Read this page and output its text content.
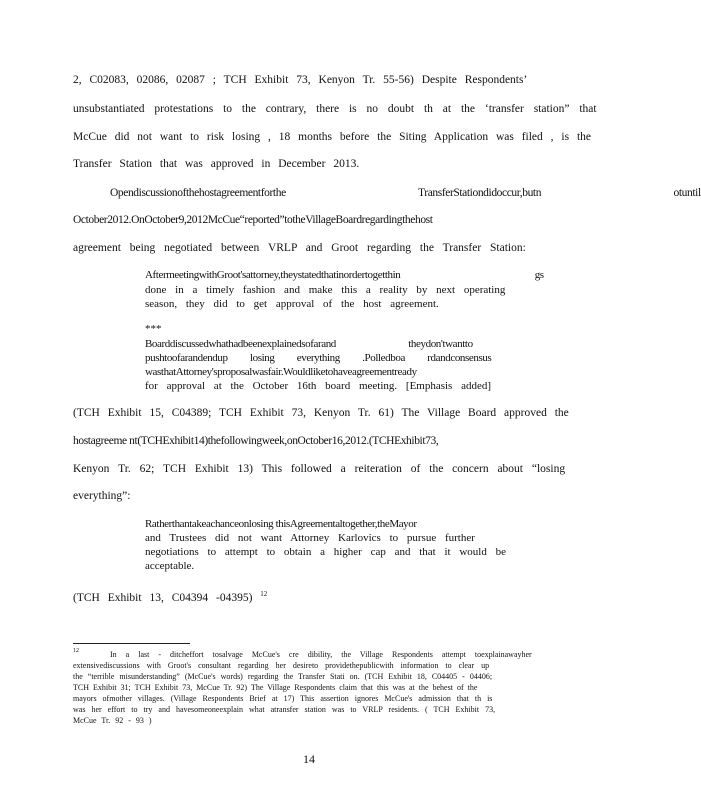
2, C02083, 02086, 02087 ; TCH Exhibit 73, Kenyon Tr. 55-56) Despite Respondents’
unsubstantiated protestations to the contrary, there is no doubt th at the ‘transfer station” that
McCue did not want to risk losing , 18 months before the Siting Application was filed , is the
Transfer Station that was approved in December 2013.
Opendiscussionofthehostagreementforthe TransferStationdidoccur,butn otuntil
October2012.OnOctober9,2012McCue“reported”totheVillageBoardregardingthehost
agreement being negotiated between VRLP and Groot regarding the Transfer Station:
AftermeetingwithGroot'sattorney,theystatedthatinordertogetthin gs
done in a timely fashion and make this a reality by next operating
season, they did to get approval of the host agreement.
***
Boarddiscussedwhathadbeenexplainedsofarand theydon'twantto
pushtoofarandendup losing everything .Polledboa rdandconsensus
wasthatAttorney'sproposalwasfair.Wouldliketohaveagreementready
for approval at the October 16th board meeting. [Emphasis added]
(TCH Exhibit 15, C04389; TCH Exhibit 73, Kenyon Tr. 61) The Village Board approved the
hostagreeme nt(TCHExhibit14)thefollowingweek,onOctober16,2012.(TCHExhibit73,
Kenyon Tr. 62; TCH Exhibit 13) This followed a reiteration of the concern about “losing
everything”:
Ratherthantakeachanceonlosing thisAgreementaltogether,theMayor
and Trustees did not want Attorney Karlovics to pursue further
negotiations to attempt to obtain a higher cap and that it would be
acceptable.
(TCH Exhibit 13, C04394 -04395) $^{12}$
12	In a last - ditcheffort tosalvage McCue's cre dibility, the Village Respondents attempt toexplainawayher
extensivediscussions with Groot's consultant regarding her desireto providethepublicwith information to clear up
the “terrible misunderstanding” (McCue's words) regarding the Transfer Stati on. (TCH Exhibit 18, C04405 - 04406;
TCH Exhibit 31; TCH Exhibit 73, McCue Tr. 92) The Village Respondents claim that this was at the behest of the
mayors ofmother villages. (Village Respondents Brief at 17) This assertion ignores McCue's admission that th is
was her effort to try and havesomeoneexplain what atransfer station was to VRLP residents. ( TCH Exhibit 73,
McCue Tr. 92 - 93 )
14
